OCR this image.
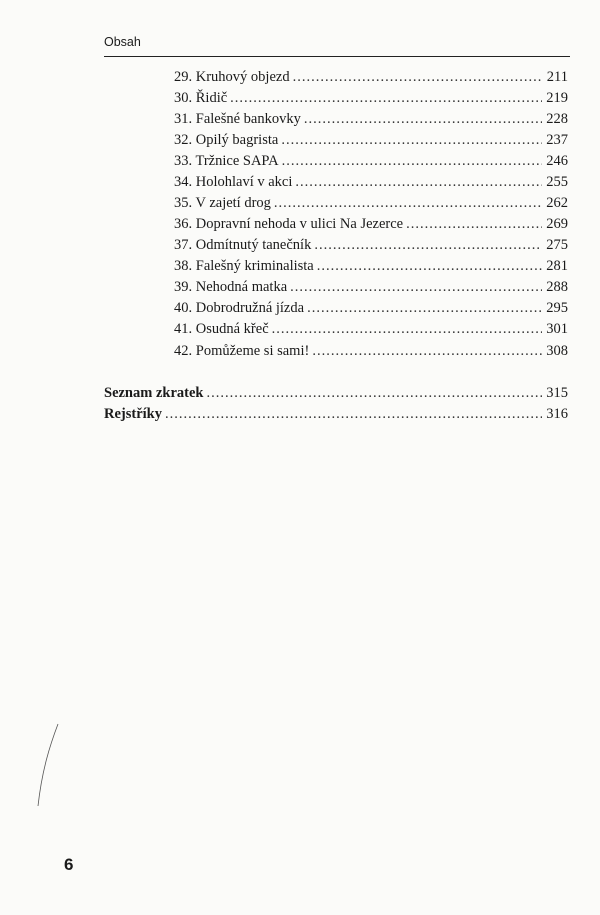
Obsah
29. Kruhový objezd .....	211
30. Řidič .....	219
31. Falešné bankovky .....	228
32. Opilý bagrista .....	237
33. Tržnice SAPA .....	246
34. Holohlaví v akci .....	255
35. V zajetí drog .....	262
36. Dopravní nehoda v ulici Na Jezerce .....	269
37. Odmítnutý tanečník .....	275
38. Falešný kriminalista .....	281
39. Nehodná matka .....	288
40. Dobrodružná jízda .....	295
41. Osudná křeč .....	301
42. Pomůžeme si sami! .....	308
Seznam zkratek .....	315
Rejstříky .....	316
6
